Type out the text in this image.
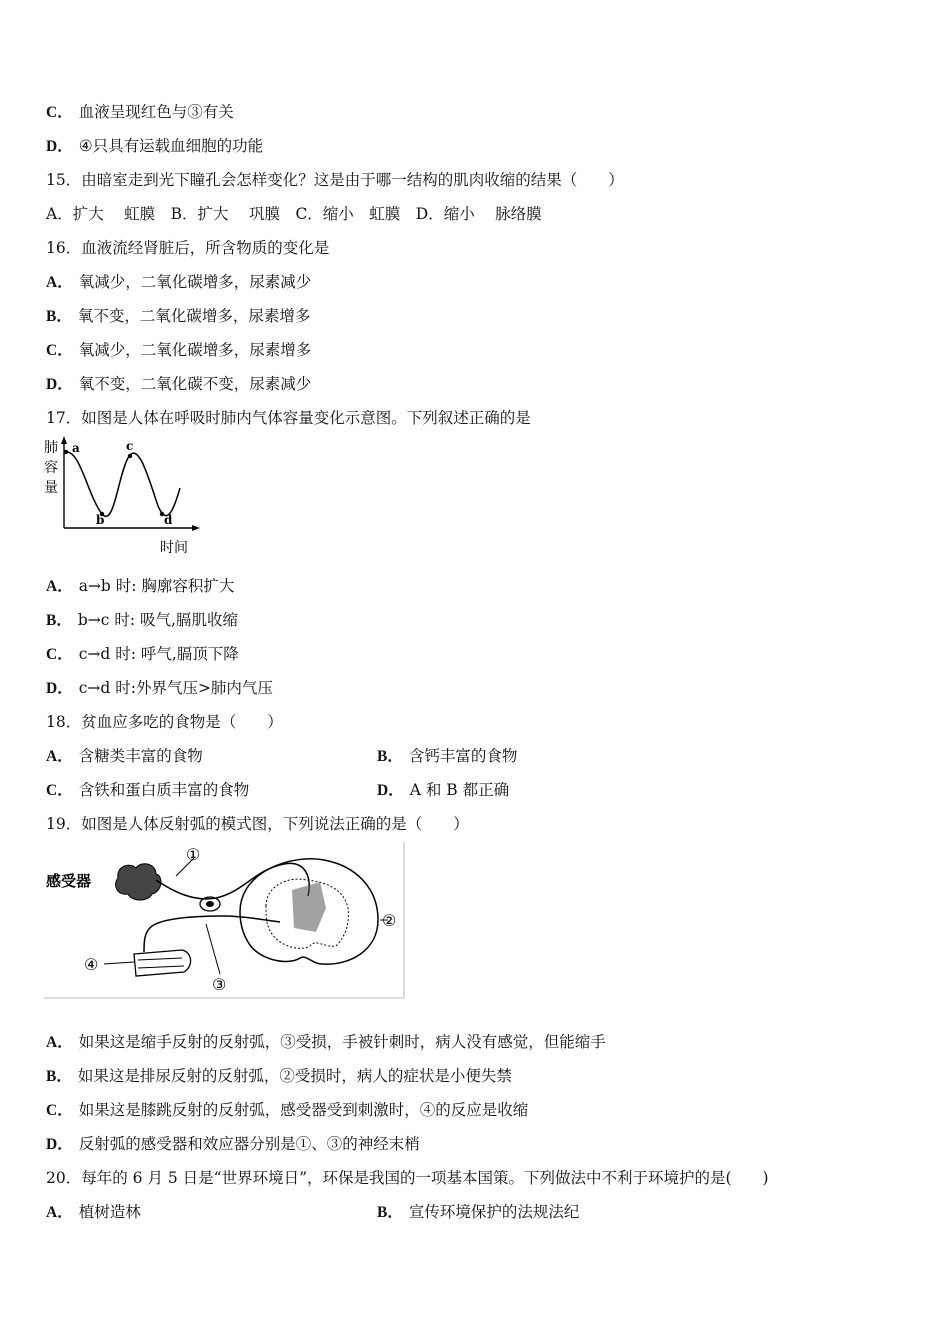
C． 血液呈现红色与③有关
D． ④只具有运载血细胞的功能
15．由暗室走到光下瞳孔会怎样变化？这是由于哪一结构的肌肉收缩的结果（　　）
A．扩大　 虹膜　B．扩大　 巩膜　C．缩小　虹膜　D．缩小　 脉络膜
16．血液流经肾脏后，所含物质的变化是
A． 氧减少，二氧化碳增多，尿素减少
B． 氧不变，二氧化碳增多，尿素增多
C． 氧减少，二氧化碳增多，尿素增多
D． 氧不变，二氧化碳不变，尿素减少
17．如图是人体在呼吸时肺内气体容量变化示意图。下列叙述正确的是
a
b
c
d
肺
容
量
时间
A． a→b 时: 胸廓容积扩大
B． b→c 时: 吸气,膈肌收缩
C． c→d 时: 呼气,膈顶下降
D． c→d 时:外界气压>肺内气压
18．贫血应多吃的食物是（　　）
A． 含糖类丰富的食物	B． 含钙丰富的食物
C． 含铁和蛋白质丰富的食物	D． A 和 B 都正确
19．如图是人体反射弧的模式图，下列说法正确的是（　　）
感受器
①
②
③
④
A． 如果这是缩手反射的反射弧，③受损，手被针刺时，病人没有感觉，但能缩手
B． 如果这是排尿反射的反射弧，②受损时，病人的症状是小便失禁
C． 如果这是膝跳反射的反射弧，感受器受到刺激时，④的反应是收缩
D． 反射弧的感受器和效应器分别是①、③的神经末梢
20．每年的 6 月 5 日是“世界环境日”，环保是我国的一项基本国策。下列做法中不利于环境护的是(　　)
A． 植树造林	B． 宣传环境保护的法规法纪
